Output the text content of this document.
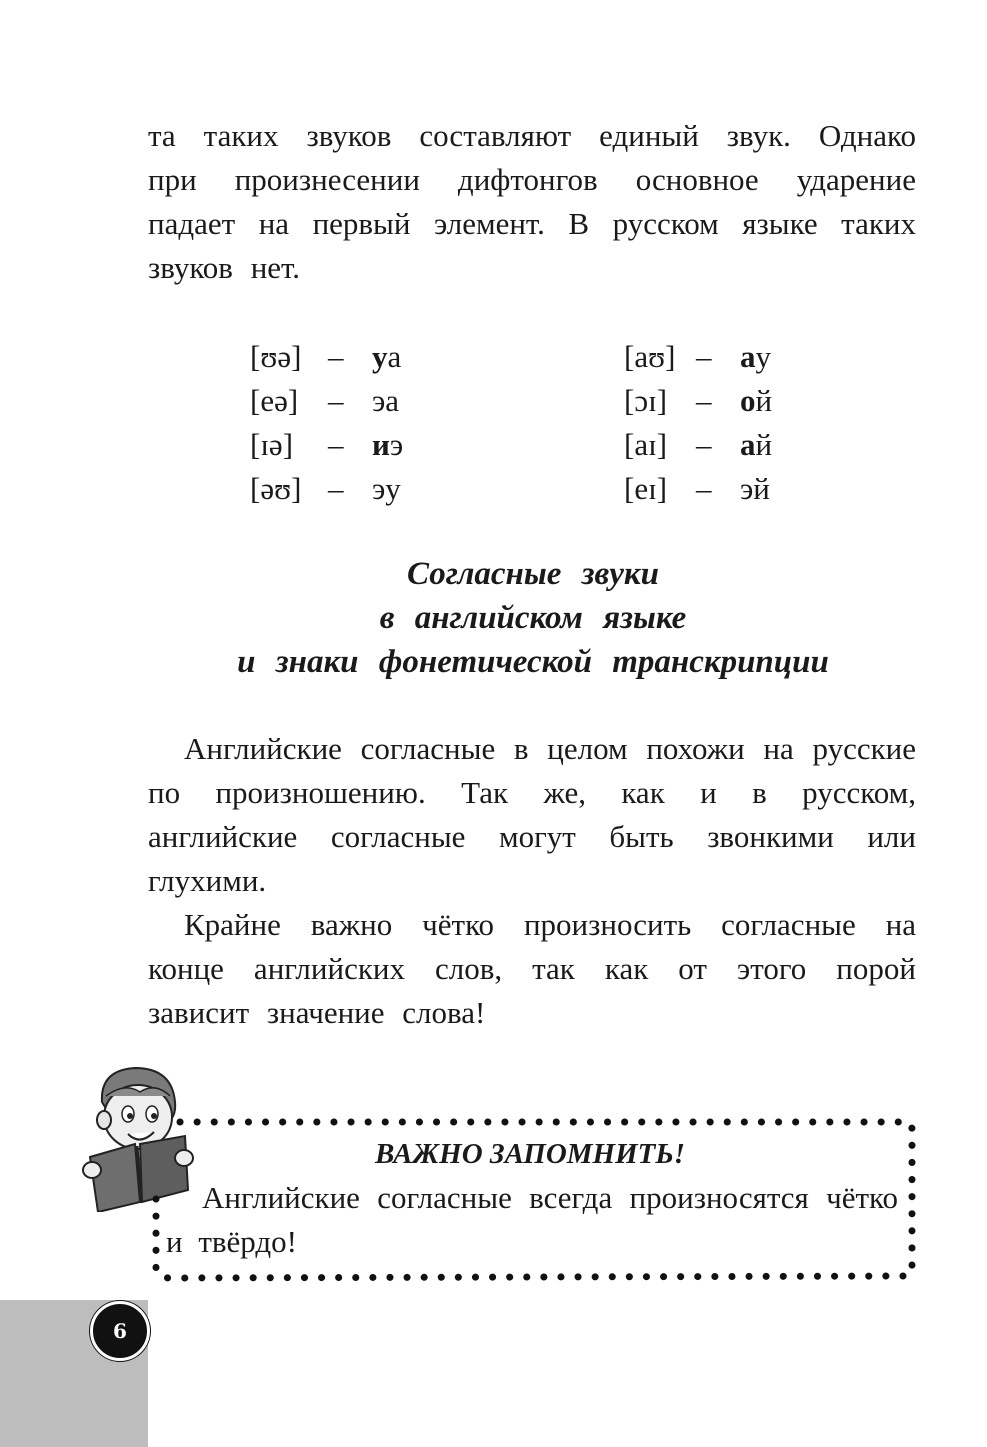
та таких звуков составляют единый звук. Однако при произнесении дифтонгов основное ударение падает на первый элемент. В русском языке таких звуков нет.

[ʊə] – уа	[aʊ] – ау
[eə] – эа	[ɔɪ] – ой
[ɪə] – иэ	[aɪ] – ай
[əʊ] – эу	[eɪ] – эй
Согласные звуки
в английском языке
и знаки фонетической транскрипции

Английские согласные в целом похожи на русские по произношению. Так же, как и в русском, английские согласные могут быть звонкими или глухими.

Крайне важно чётко произносить согласные на конце английских слов, так как от этого порой зависит значение слова!

ВАЖНО ЗАПОМНИТЬ!
Английские согласные всегда произносятся чётко и твёрдо!
6
